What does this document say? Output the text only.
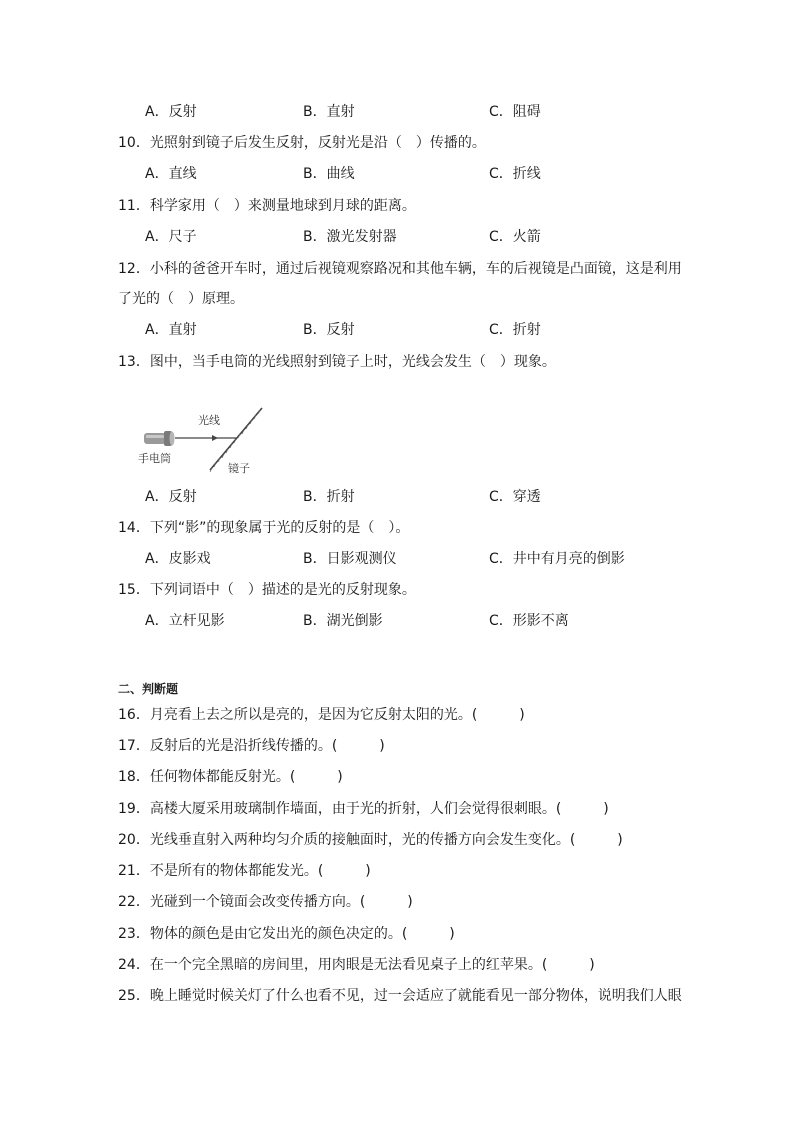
A．反射	B．直射	C．阻碍
10．光照射到镜子后发生反射，反射光是沿（　）传播的。
A．直线	B．曲线	C．折线
11．科学家用（　）来测量地球到月球的距离。
A．尺子	B．激光发射器	C．火箭
12．小科的爸爸开车时，通过后视镜观察路况和其他车辆，车的后视镜是凸面镜，这是利用
了光的（　）原理。
A．直射	B．反射	C．折射
13．图中，当手电筒的光线照射到镜子上时，光线会发生（　）现象。
光线
手电筒
镜子
A．反射	B．折射	C．穿透
14．下列“影”的现象属于光的反射的是（　）。
A．皮影戏	B．日影观测仪	C．井中有月亮的倒影
15．下列词语中（　）描述的是光的反射现象。
A．立杆见影	B．湖光倒影	C．形影不离
二、判断题
16．月亮看上去之所以是亮的，是因为它反射太阳的光。(　　　)
17．反射后的光是沿折线传播的。(　　　)
18．任何物体都能反射光。(　　　)
19．高楼大厦采用玻璃制作墙面，由于光的折射，人们会觉得很刺眼。(　　　)
20．光线垂直射入两种均匀介质的接触面时，光的传播方向会发生变化。(　　　)
21．不是所有的物体都能发光。(　　　)
22．光碰到一个镜面会改变传播方向。(　　　)
23．物体的颜色是由它发出光的颜色决定的。(　　　)
24．在一个完全黑暗的房间里，用肉眼是无法看见桌子上的红苹果。(　　　)
25．晚上睡觉时候关灯了什么也看不见，过一会适应了就能看见一部分物体，说明我们人眼
